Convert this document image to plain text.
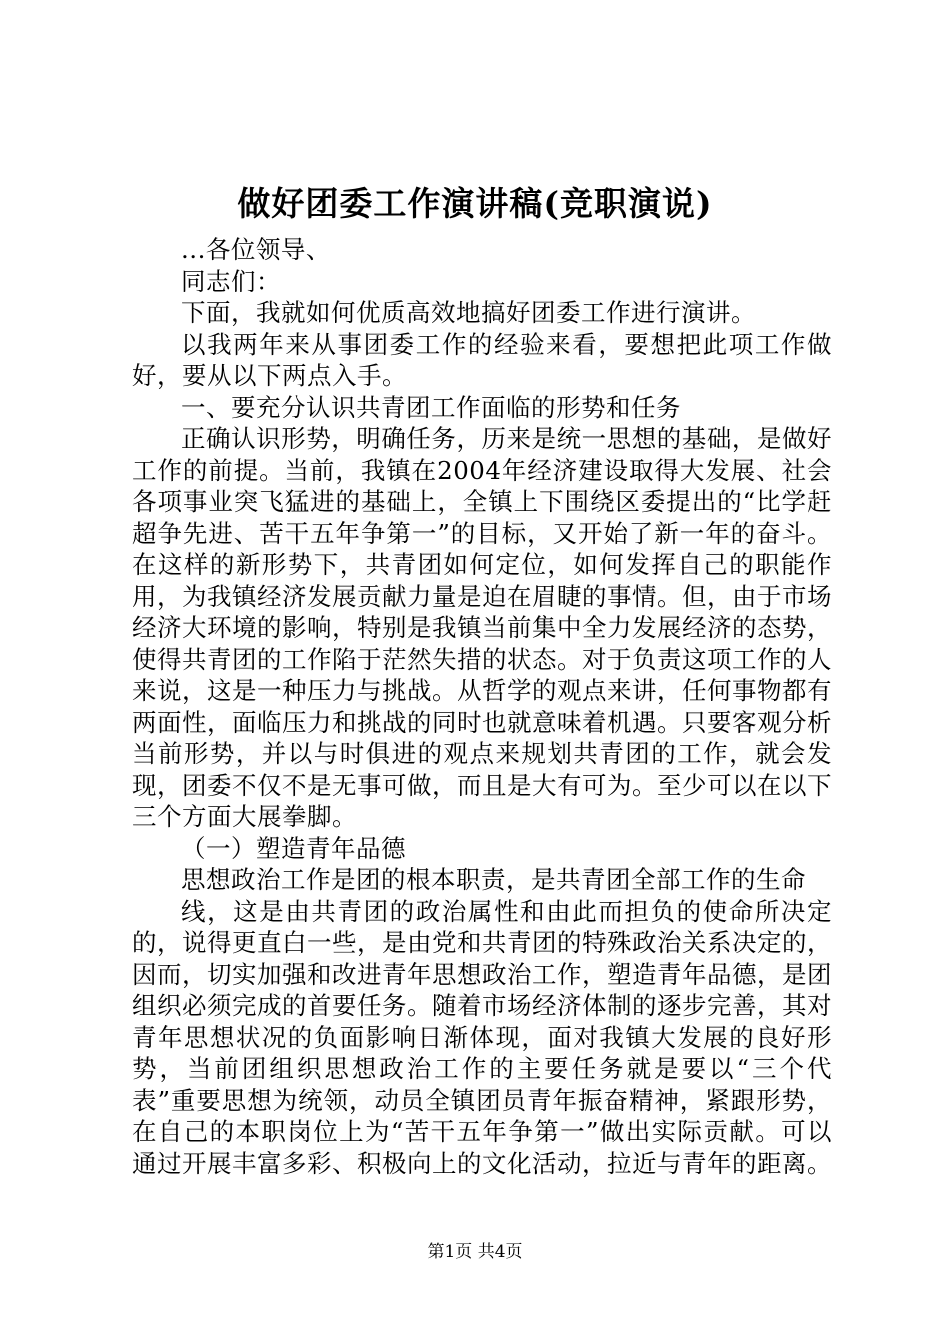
做好团委工作演讲稿(竞职演说)

...各位领导、

同志们：

下面，我就如何优质高效地搞好团委工作进行演讲。

以我两年来从事团委工作的经验来看，要想把此项工作做好，要从以下两点入手。

一、要充分认识共青团工作面临的形势和任务

正确认识形势，明确任务，历来是统一思想的基础，是做好工作的前提。当前，我镇在2004年经济建设取得大发展、社会各项事业突飞猛进的基础上，全镇上下围绕区委提出的“比学赶超争先进、苦干五年争第一”的目标，又开始了新一年的奋斗。在这样的新形势下，共青团如何定位，如何发挥自己的职能作用，为我镇经济发展贡献力量是迫在眉睫的事情。但，由于市场经济大环境的影响，特别是我镇当前集中全力发展经济的态势，使得共青团的工作陷于茫然失措的状态。对于负责这项工作的人来说，这是一种压力与挑战。从哲学的观点来讲，任何事物都有两面性，面临压力和挑战的同时也就意味着机遇。只要客观分析当前形势，并以与时俱进的观点来规划共青团的工作，就会发现，团委不仅不是无事可做，而且是大有可为。至少可以在以下三个方面大展拳脚。

（一）塑造青年品德

思想政治工作是团的根本职责，是共青团全部工作的生命

线，这是由共青团的政治属性和由此而担负的使命所决定的，说得更直白一些，是由党和共青团的特殊政治关系决定的，因而，切实加强和改进青年思想政治工作，塑造青年品德，是团组织必须完成的首要任务。随着市场经济体制的逐步完善，其对青年思想状况的负面影响日渐体现，面对我镇大发展的良好形势，当前团组织思想政治工作的主要任务就是要以“三个代表”重要思想为统领，动员全镇团员青年振奋精神，紧跟形势，在自己的本职岗位上为“苦干五年争第一”做出实际贡献。可以通过开展丰富多彩、积极向上的文化活动，拉近与青年的距离。

第1页 共4页
